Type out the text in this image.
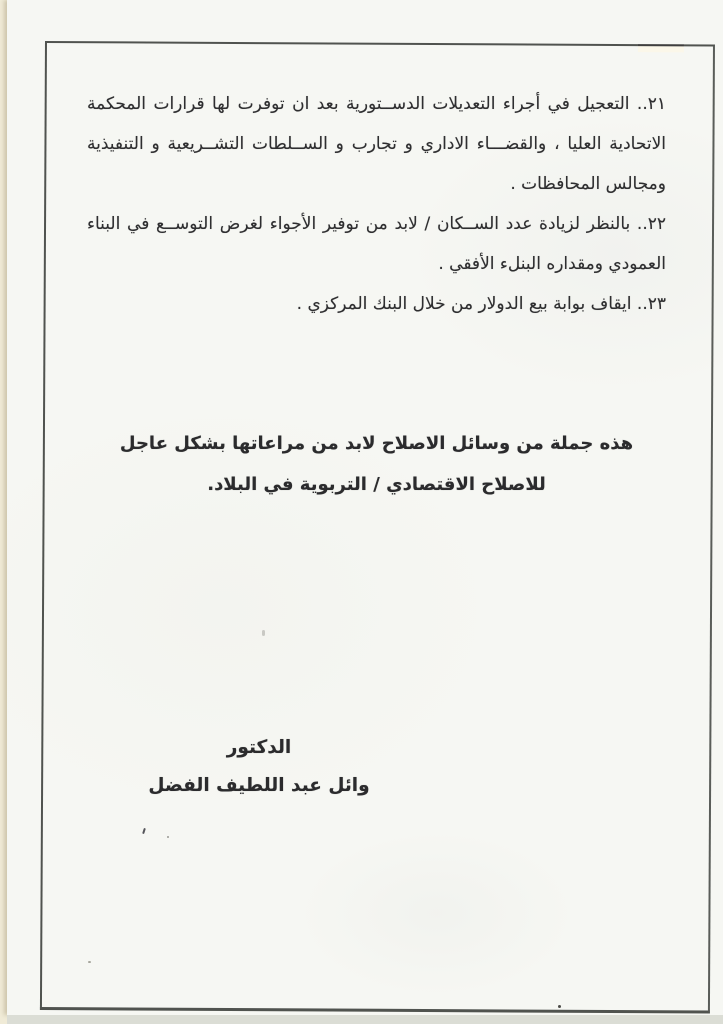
٢١.. التعجيل في أجراء التعديلات الدســتورية بعد ان توفرت لها قرارات المحكمة
الاتحادية العليا ، والقضـــاء الاداري و تجارب و الســلطات التشــريعية و التنفيذية
ومجالس المحافظات .
٢٢.. بالنظر لزيادة عدد الســكان / لابد من توفير الأجواء لغرض التوســع في البناء
العمودي ومقداره البنلء الأفقي .
٢٣.. ايقاف بوابة بيع الدولار من خلال البنك المركزي .
هذه جملة من وسائل الاصلاح لابد من مراعاتها بشكل عاجل
للاصلاح الاقتصادي / التربوية في البلاد.
الدكتور
وائل عبد اللطيف الفضل
